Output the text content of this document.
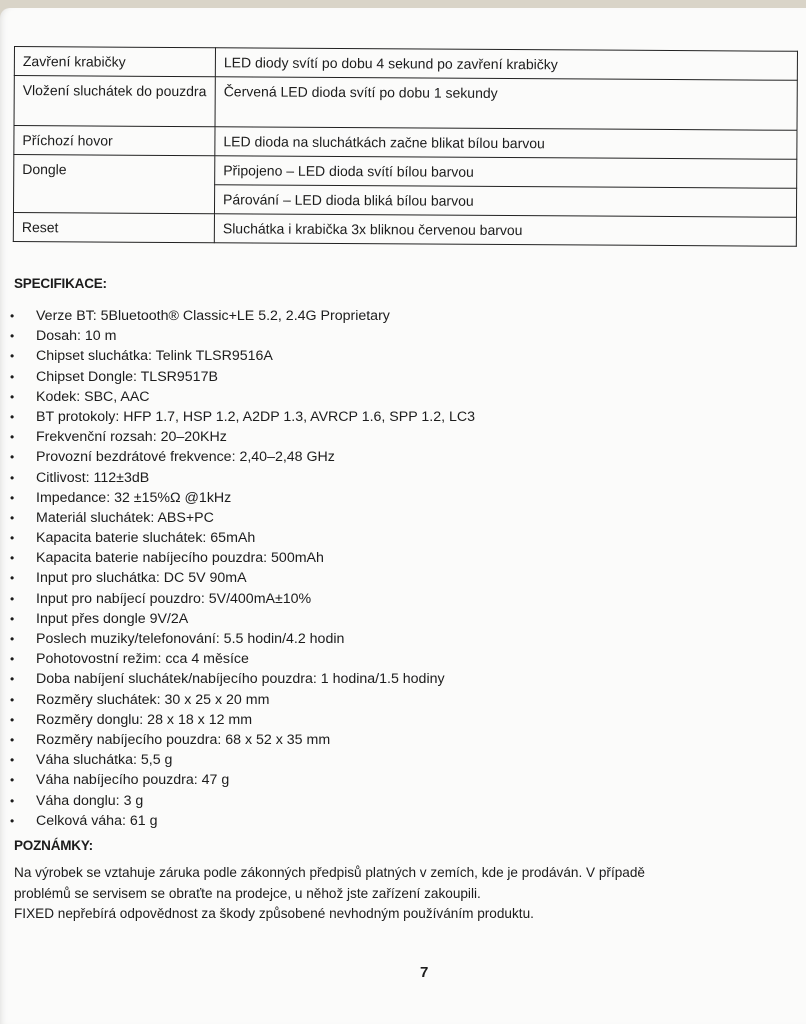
Zavření krabičky	LED diody svítí po dobu 4 sekund po zavření krabičky
Vložení sluchátek do pouzdra	Červená LED dioda svítí po dobu 1 sekundy
Příchozí hovor	LED dioda na sluchátkách začne blikat bílou barvou
Dongle	Připojeno – LED dioda svítí bílou barvou
	Párování – LED dioda bliká bílou barvou
Reset	Sluchátka i krabička 3x bliknou červenou barvou
SPECIFIKACE:
• Verze BT: 5Bluetooth® Classic+LE 5.2, 2.4G Proprietary
• Dosah: 10 m
• Chipset sluchátka: Telink TLSR9516A
• Chipset Dongle: TLSR9517B
• Kodek: SBC, AAC
• BT protokoly: HFP 1.7, HSP 1.2, A2DP 1.3, AVRCP 1.6, SPP 1.2, LC3
• Frekvenční rozsah: 20–20KHz
• Provozní bezdrátové frekvence: 2,40–2,48 GHz
• Citlivost: 112±3dB
• Impedance: 32 ±15%Ω @1kHz
• Materiál sluchátek: ABS+PC
• Kapacita baterie sluchátek: 65mAh
• Kapacita baterie nabíjecího pouzdra: 500mAh
• Input pro sluchátka: DC 5V 90mA
• Input pro nabíjecí pouzdro: 5V/400mA±10%
• Input přes dongle 9V/2A
• Poslech muziky/telefonování: 5.5 hodin/4.2 hodin
• Pohotovostní režim: cca 4 měsíce
• Doba nabíjení sluchátek/nabíjecího pouzdra: 1 hodina/1.5 hodiny
• Rozměry sluchátek: 30 x 25 x 20 mm
• Rozměry donglu: 28 x 18 x 12 mm
• Rozměry nabíjecího pouzdra: 68 x 52 x 35 mm
• Váha sluchátka: 5,5 g
• Váha nabíjecího pouzdra: 47 g
• Váha donglu: 3 g
• Celková váha: 61 g
POZNÁMKY:
Na výrobek se vztahuje záruka podle zákonných předpisů platných v zemích, kde je prodáván. V případě
problémů se servisem se obraťte na prodejce, u něhož jste zařízení zakoupili.
FIXED nepřebírá odpovědnost za škody způsobené nevhodným používáním produktu.
7
